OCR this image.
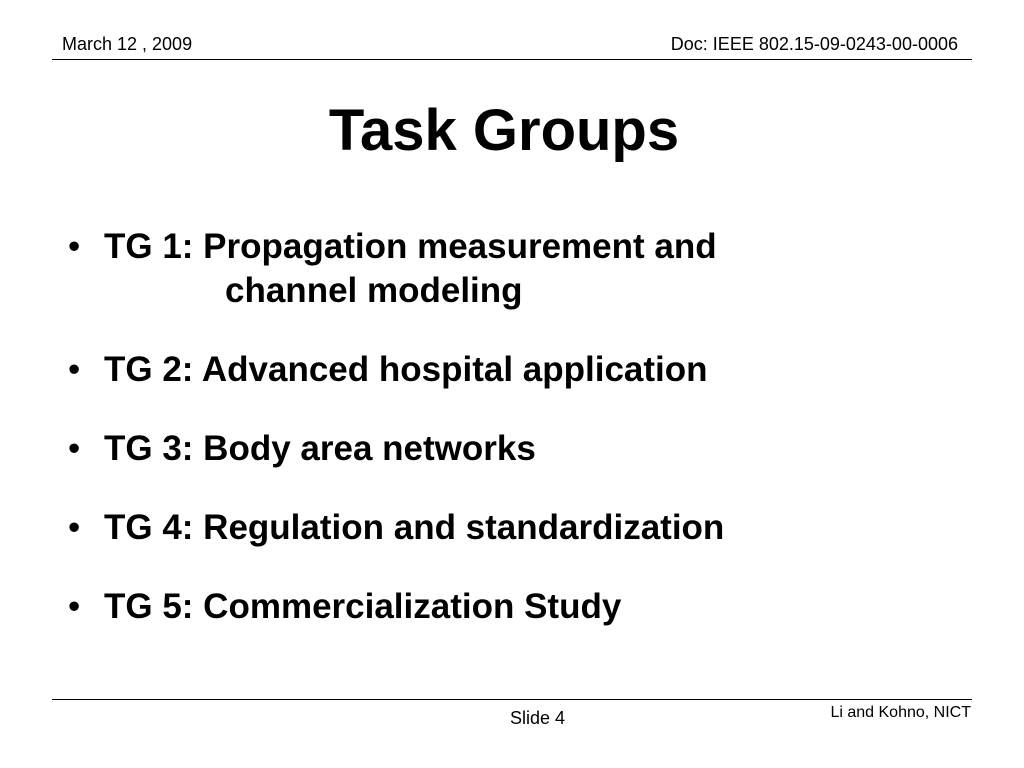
March 12 , 2009	Doc: IEEE 802.15-09-0243-00-0006
Task Groups
• TG 1: Propagation measurement and
channel modeling
• TG 2: Advanced hospital application
• TG 3: Body area networks
• TG 4: Regulation and standardization
• TG 5: Commercialization Study
Slide 4	Li and Kohno, NICT
